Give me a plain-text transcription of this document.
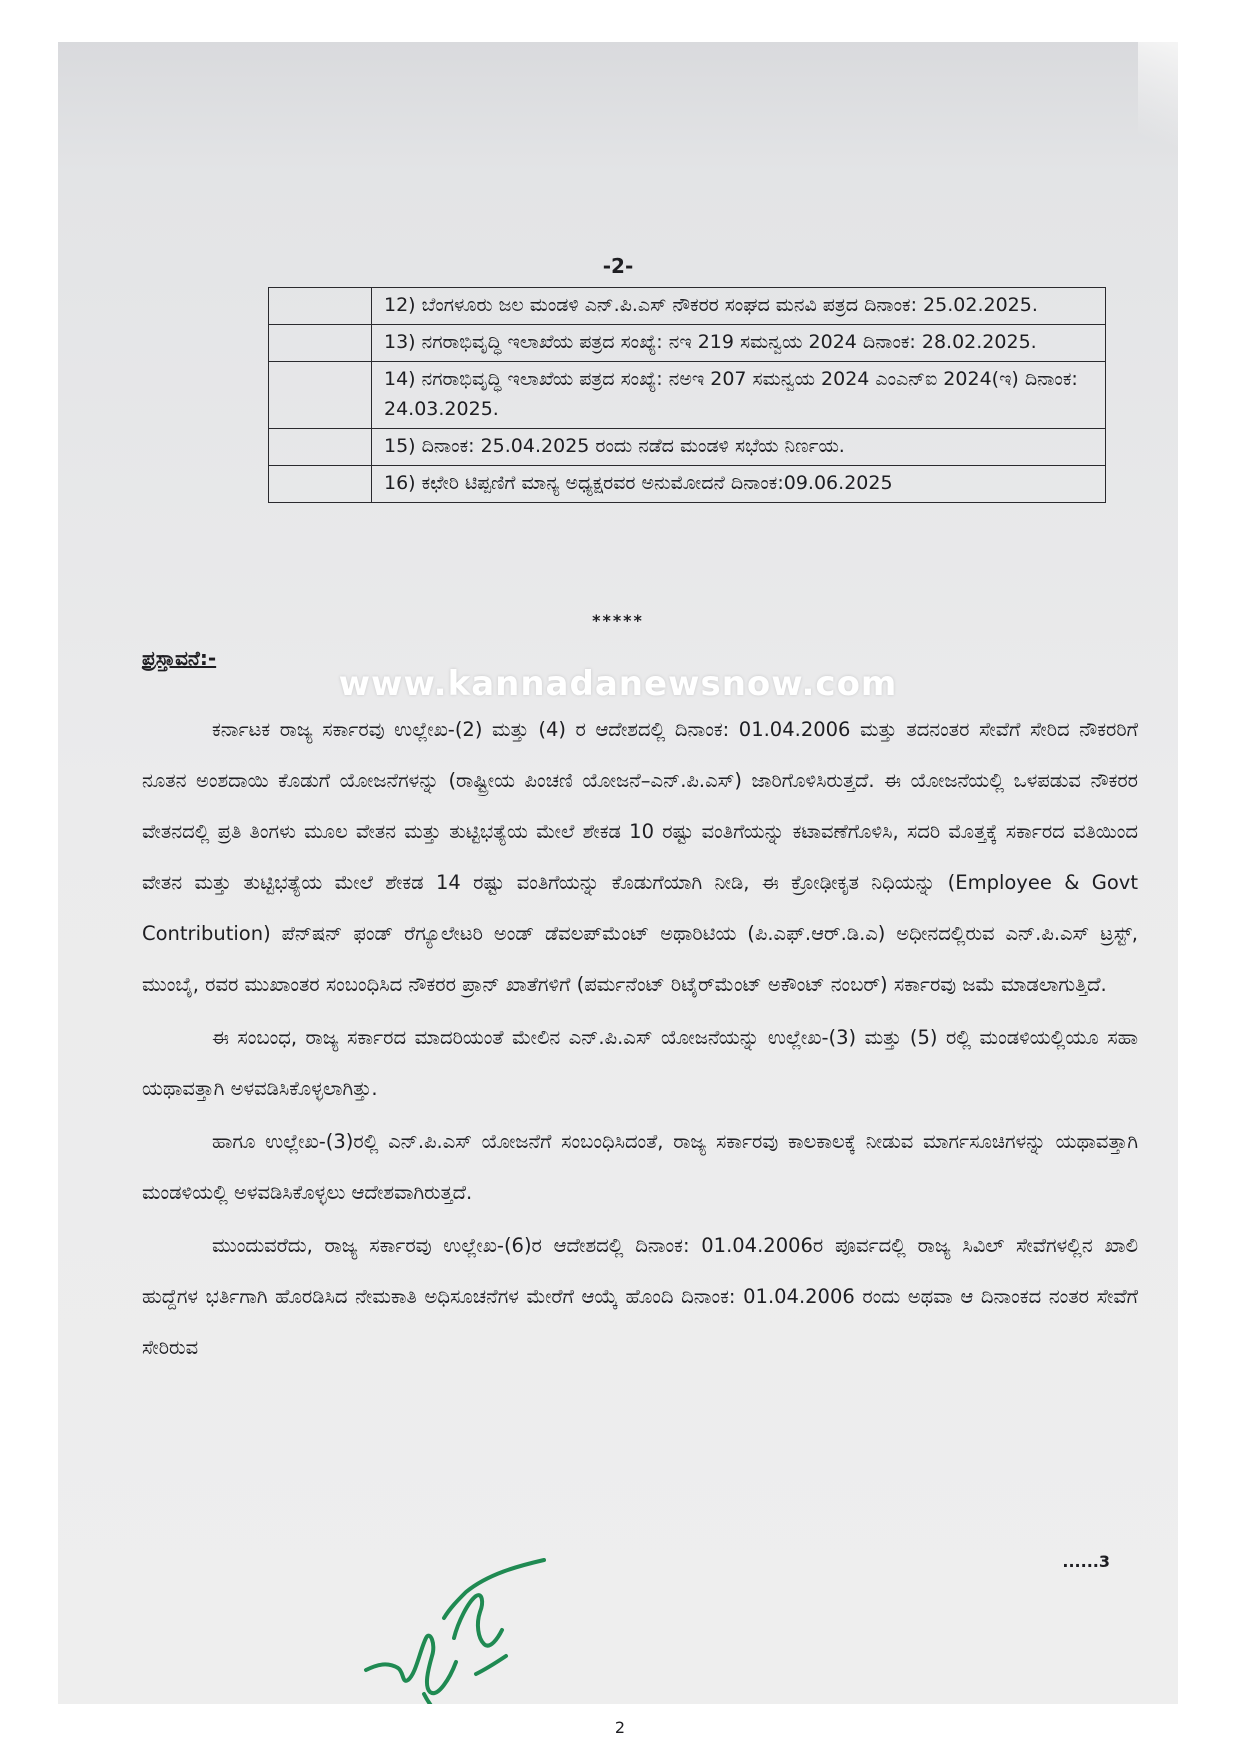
-2-
	12) ಬೆಂಗಳೂರು ಜಲ ಮಂಡಳಿ ಎನ್.ಪಿ.ಎಸ್ ನೌಕರರ ಸಂಘದ ಮನವಿ ಪತ್ರದ ದಿನಾಂಕ: 25.02.2025.
	13) ನಗರಾಭಿವೃದ್ಧಿ ಇಲಾಖೆಯ ಪತ್ರದ ಸಂಖ್ಯೆ: ನಇ 219 ಸಮನ್ವಯ 2024 ದಿನಾಂಕ: 28.02.2025.
	14) ನಗರಾಭಿವೃದ್ಧಿ ಇಲಾಖೆಯ ಪತ್ರದ ಸಂಖ್ಯೆ: ನಅಇ 207 ಸಮನ್ವಯ 2024 ಎಂಎನ್‌ಐ 2024(ಇ) ದಿನಾಂಕ: 24.03.2025.
	15) ದಿನಾಂಕ: 25.04.2025 ರಂದು ನಡೆದ ಮಂಡಳಿ ಸಭೆಯ ನಿರ್ಣಯ.
	16) ಕಛೇರಿ ಟಿಪ್ಪಣಿಗೆ ಮಾನ್ಯ ಅಧ್ಯಕ್ಷರವರ ಅನುಮೋದನೆ ದಿನಾಂಕ:09.06.2025
*****
ಪ್ರಸ್ತಾವನೆ:-
www.kannadanewsnow.com

ಕರ್ನಾಟಕ ರಾಜ್ಯ ಸರ್ಕಾರವು ಉಲ್ಲೇಖ-(2) ಮತ್ತು (4) ರ ಆದೇಶದಲ್ಲಿ ದಿನಾಂಕ: 01.04.2006 ಮತ್ತು ತದನಂತರ ಸೇವೆಗೆ ಸೇರಿದ ನೌಕರರಿಗೆ ನೂತನ ಅಂಶದಾಯಿ ಕೊಡುಗೆ ಯೋಜನೆಗಳನ್ನು (ರಾಷ್ಟ್ರೀಯ ಪಿಂಚಣಿ ಯೋಜನೆ–ಎನ್.ಪಿ.ಎಸ್) ಜಾರಿಗೊಳಿಸಿರುತ್ತದೆ. ಈ ಯೋಜನೆಯಲ್ಲಿ ಒಳಪಡುವ ನೌಕರರ ವೇತನದಲ್ಲಿ ಪ್ರತಿ ತಿಂಗಳು ಮೂಲ ವೇತನ ಮತ್ತು ತುಟ್ಟಿಭತ್ಯೆಯ ಮೇಲೆ ಶೇಕಡ 10 ರಷ್ಟು ವಂತಿಗೆಯನ್ನು ಕಟಾವಣೆಗೊಳಿಸಿ, ಸದರಿ ಮೊತ್ತಕ್ಕೆ ಸರ್ಕಾರದ ವತಿಯಿಂದ ವೇತನ ಮತ್ತು ತುಟ್ಟಿಭತ್ಯೆಯ ಮೇಲೆ ಶೇಕಡ 14 ರಷ್ಟು ವಂತಿಗೆಯನ್ನು ಕೊಡುಗೆಯಾಗಿ ನೀಡಿ, ಈ ಕ್ರೋಢೀಕೃತ ನಿಧಿಯನ್ನು (Employee & Govt Contribution) ಪೆನ್‌ಷನ್ ಫಂಡ್ ರೆಗ್ಯೂಲೇಟರಿ ಅಂಡ್ ಡೆವಲಪ್‌ಮೆಂಟ್ ಅಥಾರಿಟಿಯ (ಪಿ.ಎಫ್.ಆರ್.ಡಿ.ಎ) ಅಧೀನದಲ್ಲಿರುವ ಎನ್.ಪಿ.ಎಸ್ ಟ್ರಸ್ಟ್, ಮುಂಬೈ, ರವರ ಮುಖಾಂತರ ಸಂಬಂಧಿಸಿದ ನೌಕರರ ಪ್ರಾನ್ ಖಾತೆಗಳಿಗೆ (ಪರ್ಮನೆಂಟ್ ರಿಟೈರ್‌ಮೆಂಟ್ ಅಕೌಂಟ್ ನಂಬರ್) ಸರ್ಕಾರವು ಜಮೆ ಮಾಡಲಾಗುತ್ತಿದೆ.

ಈ ಸಂಬಂಧ, ರಾಜ್ಯ ಸರ್ಕಾರದ ಮಾದರಿಯಂತೆ ಮೇಲಿನ ಎನ್.ಪಿ.ಎಸ್ ಯೋಜನೆಯನ್ನು ಉಲ್ಲೇಖ-(3) ಮತ್ತು (5) ರಲ್ಲಿ ಮಂಡಳಿಯಲ್ಲಿಯೂ ಸಹಾ ಯಥಾವತ್ತಾಗಿ ಅಳವಡಿಸಿಕೊಳ್ಳಲಾಗಿತ್ತು.

ಹಾಗೂ ಉಲ್ಲೇಖ-(3)ರಲ್ಲಿ ಎನ್.ಪಿ.ಎಸ್ ಯೋಜನೆಗೆ ಸಂಬಂಧಿಸಿದಂತೆ, ರಾಜ್ಯ ಸರ್ಕಾರವು ಕಾಲಕಾಲಕ್ಕೆ ನೀಡುವ ಮಾರ್ಗಸೂಚಿಗಳನ್ನು ಯಥಾವತ್ತಾಗಿ ಮಂಡಳಿಯಲ್ಲಿ ಅಳವಡಿಸಿಕೊಳ್ಳಲು ಆದೇಶವಾಗಿರುತ್ತದೆ.

ಮುಂದುವರೆದು, ರಾಜ್ಯ ಸರ್ಕಾರವು ಉಲ್ಲೇಖ-(6)ರ ಆದೇಶದಲ್ಲಿ ದಿನಾಂಕ: 01.04.2006ರ ಪೂರ್ವದಲ್ಲಿ ರಾಜ್ಯ ಸಿವಿಲ್ ಸೇವೆಗಳಲ್ಲಿನ ಖಾಲಿ ಹುದ್ದೆಗಳ ಭರ್ತಿಗಾಗಿ ಹೊರಡಿಸಿದ ನೇಮಕಾತಿ ಅಧಿಸೂಚನೆಗಳ ಮೇರೆಗೆ ಆಯ್ಕೆ ಹೊಂದಿ ದಿನಾಂಕ: 01.04.2006 ರಂದು ಅಥವಾ ಆ ದಿನಾಂಕದ ನಂತರ ಸೇವೆಗೆ ಸೇರಿರುವ

......3
2
